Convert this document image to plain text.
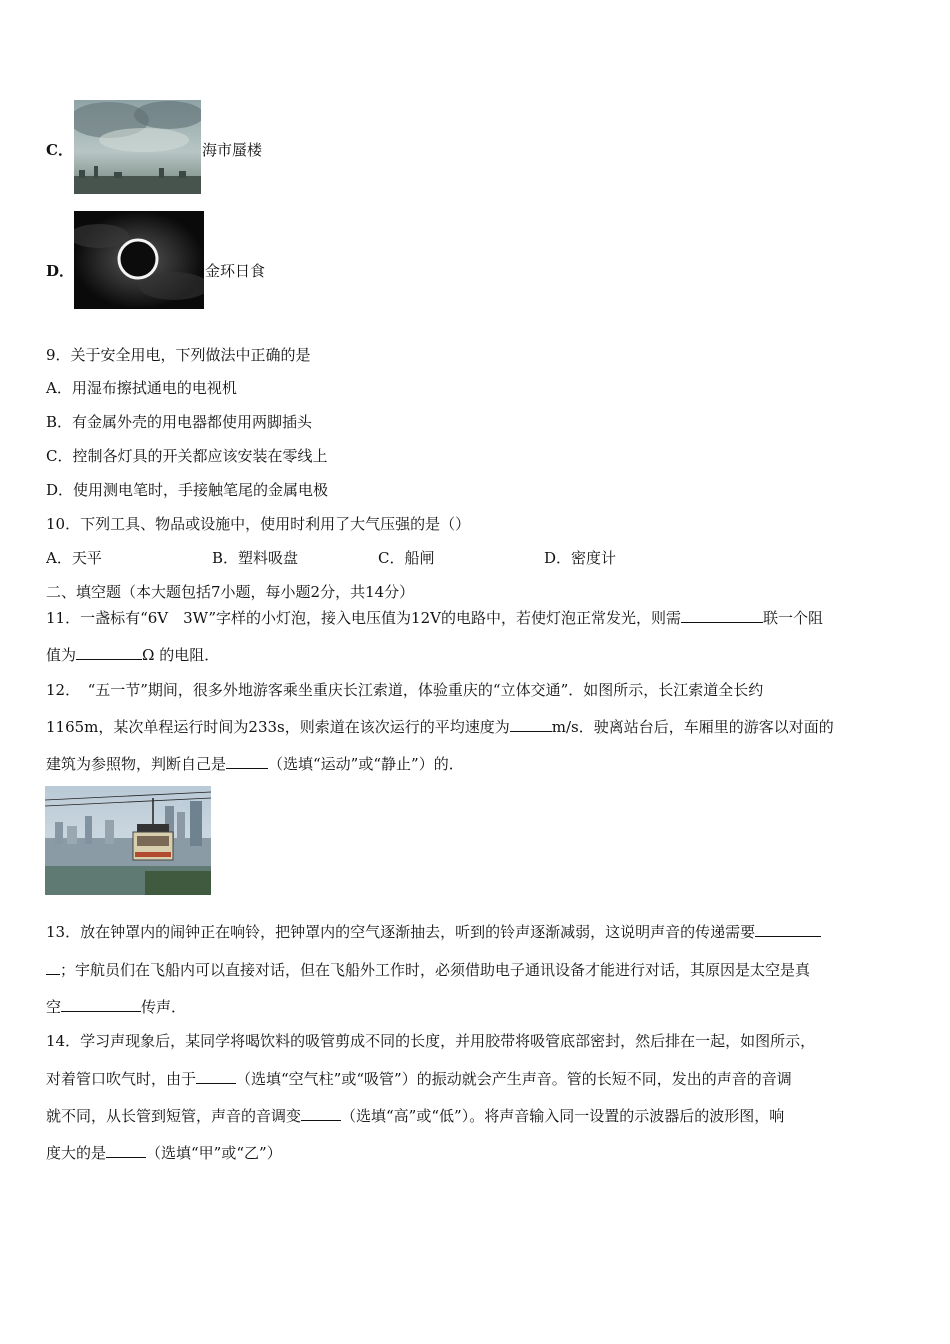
C．	海市蜃楼
D．	金环日食
9．关于安全用电，下列做法中正确的是
A．用湿布擦拭通电的电视机
B．有金属外壳的用电器都使用两脚插头
C．控制各灯具的开关都应该安装在零线上
D．使用测电笔时，手接触笔尾的金属电极
10．下列工具、物品或设施中，使用时利用了大气压强的是（）
A．天平	B．塑料吸盘	C．船闸	D．密度计
二、填空题（本大题包括7小题，每小题2分，共14分）
11．一盏标有“6V　3W”字样的小灯泡，接入电压值为12V的电路中，若使灯泡正常发光，则需	联一个阻
值为	Ω 的电阻．
12．　“五一节”期间，很多外地游客乘坐重庆长江索道，体验重庆的“立体交通”．如图所示，长江索道全长约
1165m，某次单程运行时间为233s，则索道在该次运行的平均速度为	m/s．驶离站台后，车厢里的游客以对面的
建筑为参照物，判断自己是	（选填“运动”或“静止”）的．
13．放在钟罩内的闹钟正在响铃，把钟罩内的空气逐渐抽去，听到的铃声逐渐减弱，这说明声音的传递需要
；宇航员们在飞船内可以直接对话，但在飞船外工作时，必须借助电子通讯设备才能进行对话，其原因是太空是真
空	传声．
14．学习声现象后，某同学将喝饮料的吸管剪成不同的长度，并用胶带将吸管底部密封，然后排在一起，如图所示，
对着管口吹气时，由于	（选填“空气柱”或“吸管”）的振动就会产生声音。管的长短不同，发出的声音的音调
就不同，从长管到短管，声音的音调变	（选填“高”或“低”）。将声音输入同一设置的示波器后的波形图，响
度大的是	（选填“甲”或“乙”）
